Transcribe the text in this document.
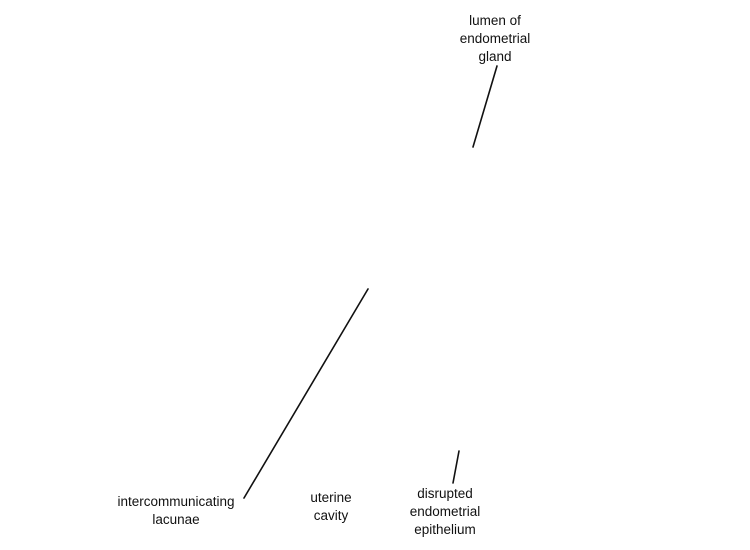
lumen of
endometrial
gland
intercommunicating
lacunae
uterine
cavity
disrupted
endometrial
epithelium
